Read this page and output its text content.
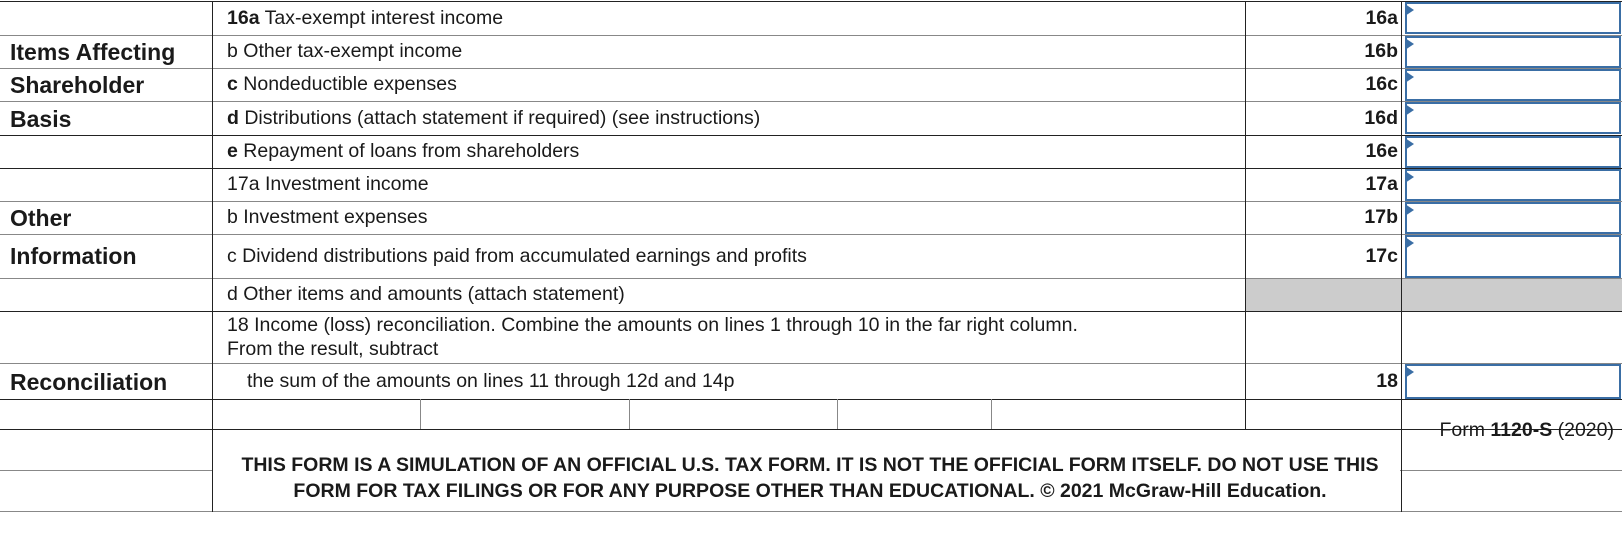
Items Affecting
Shareholder
Basis
Other
Information
Reconciliation
16a Tax-exempt interest income
b Other tax-exempt income
c Nondeductible expenses
d Distributions (attach statement if required) (see instructions)
e Repayment of loans from shareholders
17a Investment income
b Investment expenses
c Dividend distributions paid from accumulated earnings and profits
d Other items and amounts (attach statement)
18 Income (loss) reconciliation. Combine the amounts on lines 1 through 10 in the far right column.
From the result, subtract
the sum of the amounts on lines 11 through 12d and 14p
16a
16b
16c
16d
16e
17a
17b
17c
18
Form 1120-S (2020)
THIS FORM IS A SIMULATION OF AN OFFICIAL U.S. TAX FORM. IT IS NOT THE OFFICIAL FORM ITSELF. DO NOT USE THIS FORM FOR TAX FILINGS OR FOR ANY PURPOSE OTHER THAN EDUCATIONAL. © 2021 McGraw-Hill Education.
